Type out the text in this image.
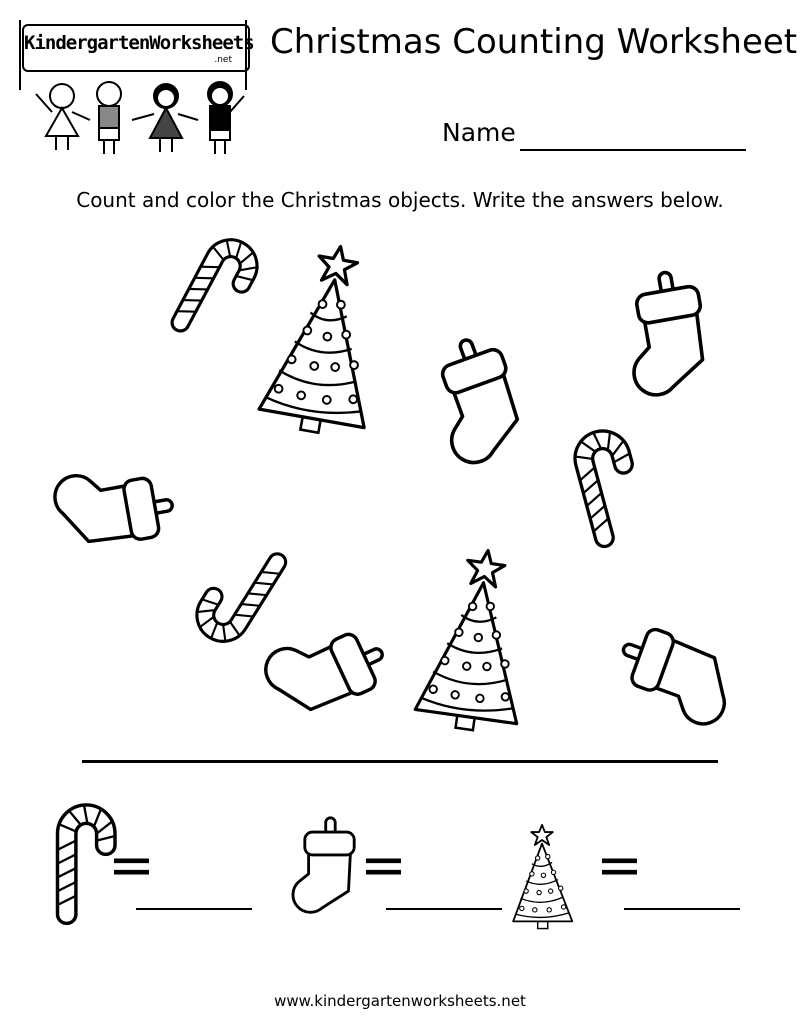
KindergartenWorksheets
.net Christmas Counting Worksheet
Name
Count and color the Christmas objects. Write the answers below.
=	=	=
www.kindergartenworksheets.net
